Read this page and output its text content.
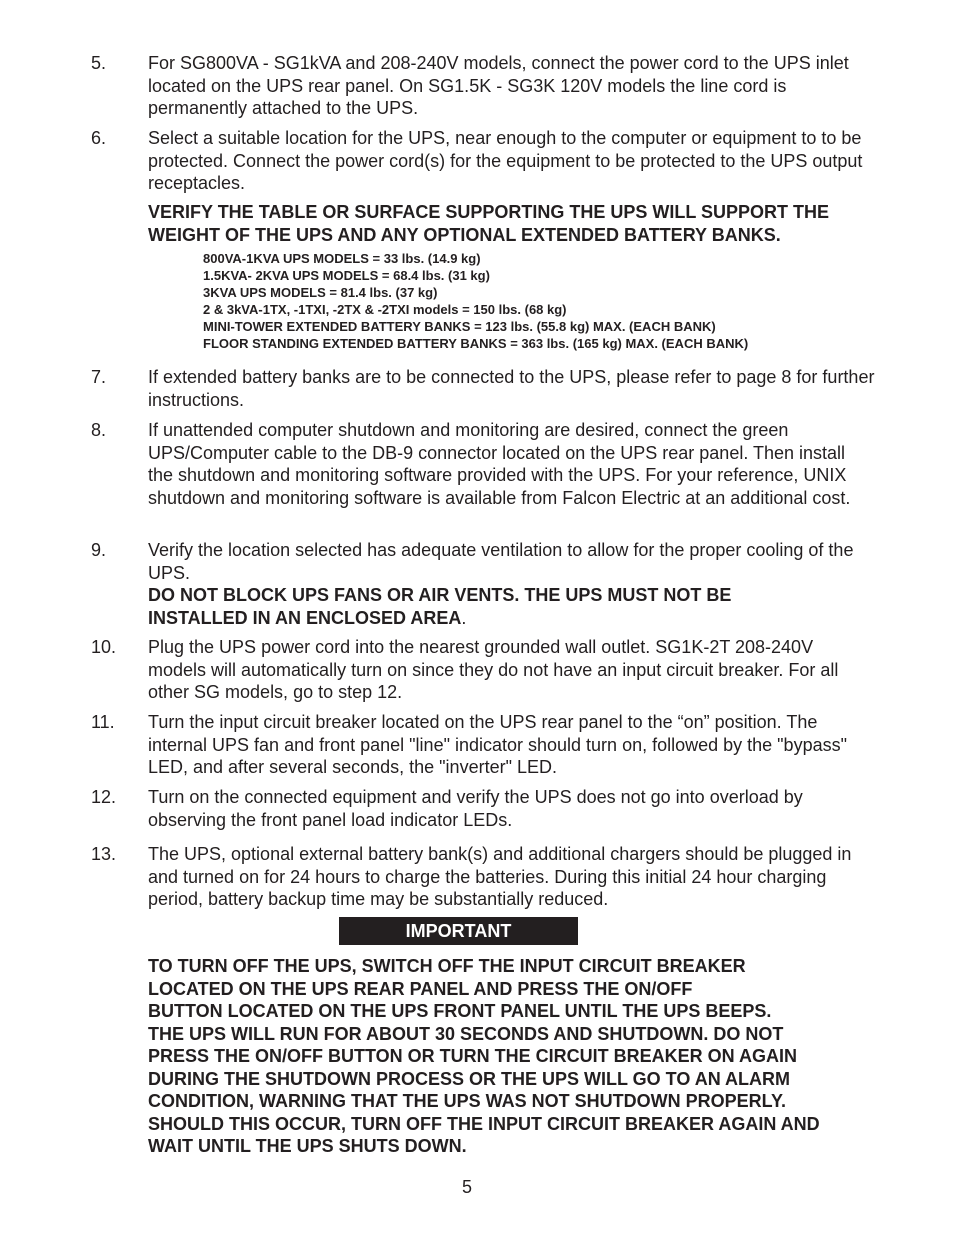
5. For SG800VA - SG1kVA and 208-240V models, connect the power cord to the UPS inlet located on the UPS rear panel. On SG1.5K - SG3K 120V models the line cord is permanently attached to the UPS.
6. Select a suitable location for the UPS, near enough to the computer or equipment to to be protected. Connect the power cord(s) for the equipment to be protected to the UPS output receptacles.
VERIFY THE TABLE OR SURFACE SUPPORTING THE UPS WILL SUPPORT THE WEIGHT OF THE UPS AND ANY OPTIONAL EXTENDED BATTERY BANKS.
800VA-1KVA UPS MODELS = 33 lbs. (14.9 kg)
1.5KVA- 2KVA UPS MODELS = 68.4 lbs. (31 kg)
3KVA UPS MODELS = 81.4 lbs. (37 kg)
2 & 3kVA-1TX, -1TXI, -2TX & -2TXI models = 150 lbs. (68 kg)
MINI-TOWER EXTENDED BATTERY BANKS = 123 lbs. (55.8 kg) MAX. (EACH BANK)
FLOOR STANDING EXTENDED BATTERY BANKS = 363 lbs. (165 kg) MAX. (EACH BANK)
7. If extended battery banks are to be connected to the UPS, please refer to page 8 for further instructions.
8. If unattended computer shutdown and monitoring are desired, connect the green UPS/Computer cable to the DB-9 connector located on the UPS rear panel. Then install the shutdown and monitoring software provided with the UPS. For your reference, UNIX shutdown and monitoring software is available from Falcon Electric at an additional cost.
9. Verify the location selected has adequate ventilation to allow for the proper cooling of the UPS.
DO NOT BLOCK UPS FANS OR AIR VENTS. THE UPS MUST NOT BE INSTALLED IN AN ENCLOSED AREA.
10. Plug the UPS power cord into the nearest grounded wall outlet. SG1K-2T 208-240V models will automatically turn on since they do not have an input circuit breaker. For all other SG models, go to step 12.
11. Turn the input circuit breaker located on the UPS rear panel to the “on” position. The internal UPS fan and front panel "line" indicator should turn on, followed by the "bypass" LED, and after several seconds, the "inverter" LED.
12. Turn on the connected equipment and verify the UPS does not go into overload by observing the front panel load indicator LEDs.
13. The UPS, optional external battery bank(s) and additional chargers should be plugged in and turned on for 24 hours to charge the batteries. During this initial 24 hour charging period, battery backup time may be substantially reduced.
IMPORTANT
TO TURN OFF THE UPS, SWITCH OFF THE INPUT CIRCUIT BREAKER
LOCATED ON THE UPS REAR PANEL AND PRESS THE ON/OFF
BUTTON LOCATED ON THE UPS FRONT PANEL UNTIL THE UPS BEEPS.
THE UPS WILL RUN FOR ABOUT 30 SECONDS AND SHUTDOWN. DO NOT
PRESS THE ON/OFF BUTTON OR TURN THE CIRCUIT BREAKER ON AGAIN
DURING THE SHUTDOWN PROCESS OR THE UPS WILL GO TO AN ALARM
CONDITION, WARNING THAT THE UPS WAS NOT SHUTDOWN PROPERLY.
SHOULD THIS OCCUR, TURN OFF THE INPUT CIRCUIT BREAKER AGAIN AND
WAIT UNTIL THE UPS SHUTS DOWN.
5
